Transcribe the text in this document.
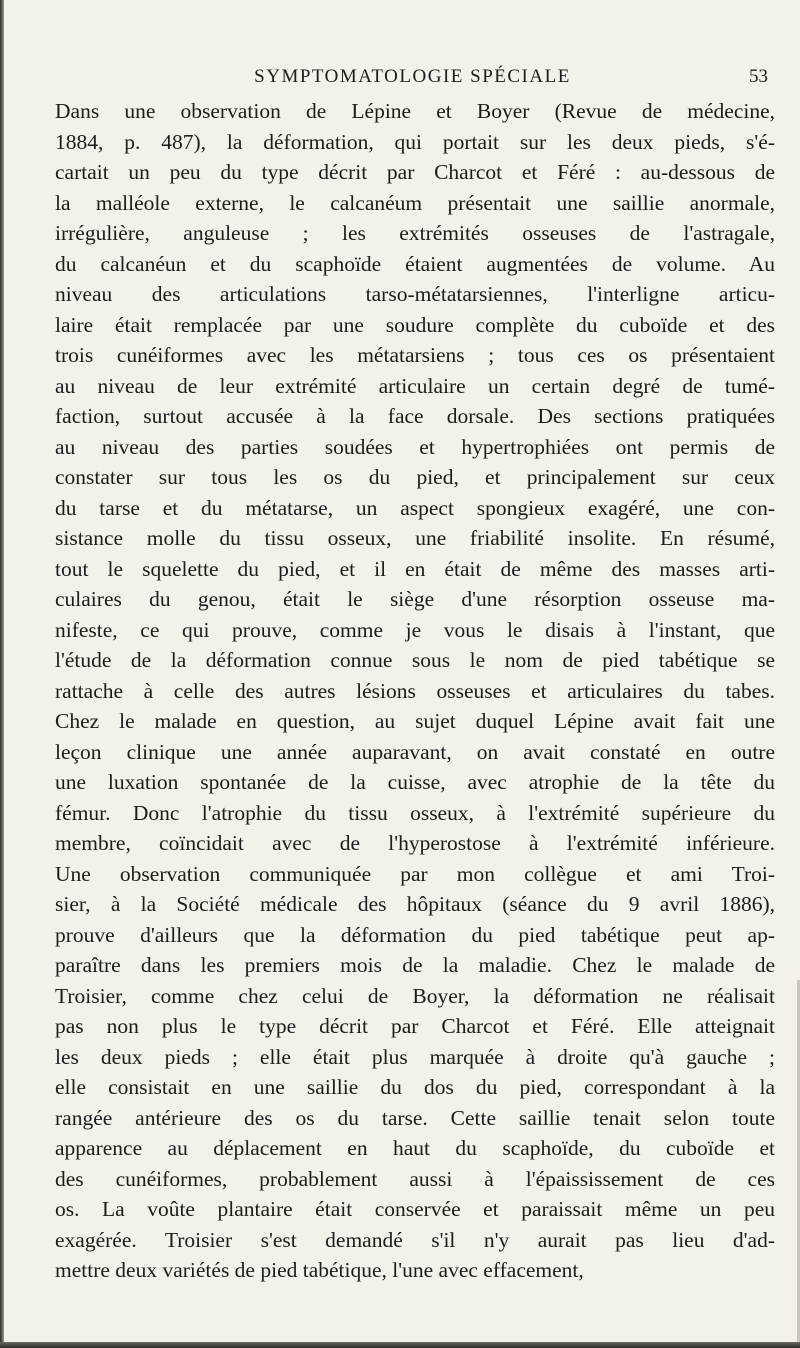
SYMPTOMATOLOGIE SPÉCIALE	53
Dans une observation de Lépine et Boyer (Revue de médecine,
1884, p. 487), la déformation, qui portait sur les deux pieds, s'é-
cartait un peu du type décrit par Charcot et Féré : au-dessous de
la malléole externe, le calcanéum présentait une saillie anormale,
irrégulière, anguleuse ; les extrémités osseuses de l'astragale,
du calcanéun et du scaphoïde étaient augmentées de volume. Au
niveau des articulations tarso-métatarsiennes, l'interligne articu-
laire était remplacée par une soudure complète du cuboïde et des
trois cunéiformes avec les métatarsiens ; tous ces os présentaient
au niveau de leur extrémité articulaire un certain degré de tumé-
faction, surtout accusée à la face dorsale. Des sections pratiquées
au niveau des parties soudées et hypertrophiées ont permis de
constater sur tous les os du pied, et principalement sur ceux
du tarse et du métatarse, un aspect spongieux exagéré, une con-
sistance molle du tissu osseux, une friabilité insolite. En résumé,
tout le squelette du pied, et il en était de même des masses arti-
culaires du genou, était le siège d'une résorption osseuse ma-
nifeste, ce qui prouve, comme je vous le disais à l'instant, que
l'étude de la déformation connue sous le nom de pied tabétique se
rattache à celle des autres lésions osseuses et articulaires du tabes.
Chez le malade en question, au sujet duquel Lépine avait fait une
leçon clinique une année auparavant, on avait constaté en outre
une luxation spontanée de la cuisse, avec atrophie de la tête du
fémur. Donc l'atrophie du tissu osseux, à l'extrémité supérieure du
membre, coïncidait avec de l'hyperostose à l'extrémité inférieure.
Une observation communiquée par mon collègue et ami Troi-
sier, à la Société médicale des hôpitaux (séance du 9 avril 1886),
prouve d'ailleurs que la déformation du pied tabétique peut ap-
paraître dans les premiers mois de la maladie. Chez le malade de
Troisier, comme chez celui de Boyer, la déformation ne réalisait
pas non plus le type décrit par Charcot et Féré. Elle atteignait
les deux pieds ; elle était plus marquée à droite qu'à gauche ;
elle consistait en une saillie du dos du pied, correspondant à la
rangée antérieure des os du tarse. Cette saillie tenait selon toute
apparence au déplacement en haut du scaphoïde, du cuboïde et
des cunéiformes, probablement aussi à l'épaississement de ces
os. La voûte plantaire était conservée et paraissait même un peu
exagérée. Troisier s'est demandé s'il n'y aurait pas lieu d'ad-
mettre deux variétés de pied tabétique, l'une avec effacement,
